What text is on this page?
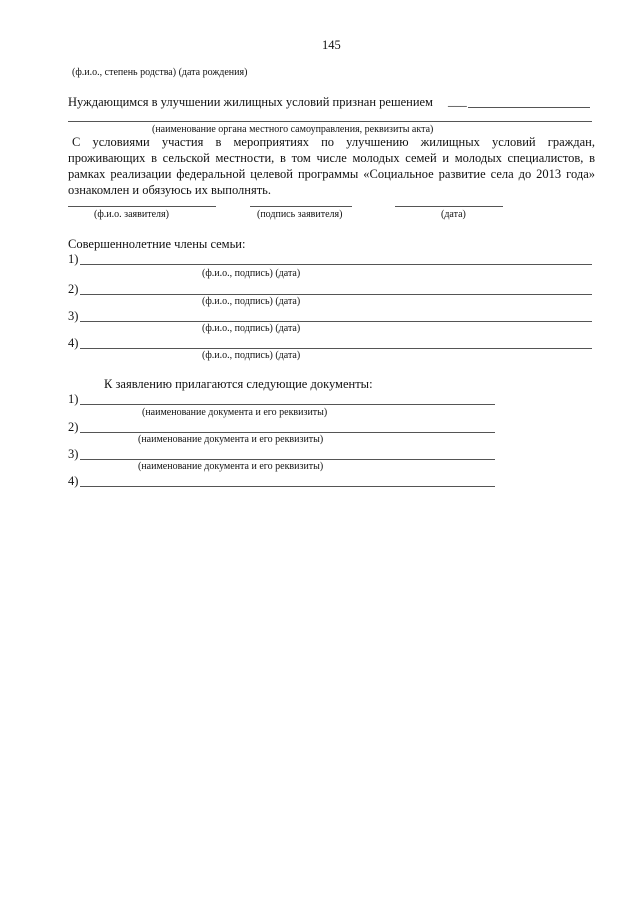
145
(ф.и.о., степень родства) (дата рождения)
Нуждающимся в улучшении жилищных условий признан решением ___
(наименование органа местного самоуправления, реквизиты акта)
С условиями участия в мероприятиях по улучшению жилищных условий граждан,
проживающих в сельской местности, в том числе молодых семей и молодых специалистов, в
рамках реализации федеральной целевой программы «Социальное развитие села до 2013 года»
ознакомлен и обязуюсь их выполнять.
(ф.и.о. заявителя)	(подпись заявителя)	(дата)
Совершеннолетние члены семьи:
1)
(ф.и.о., подпись) (дата)
2)
(ф.и.о., подпись) (дата)
3)
(ф.и.о., подпись) (дата)
4)
(ф.и.о., подпись) (дата)
К заявлению прилагаются следующие документы:
1)
(наименование документа и его реквизиты)
2)
(наименование документа и его реквизиты)
3)
(наименование документа и его реквизиты)
4)
